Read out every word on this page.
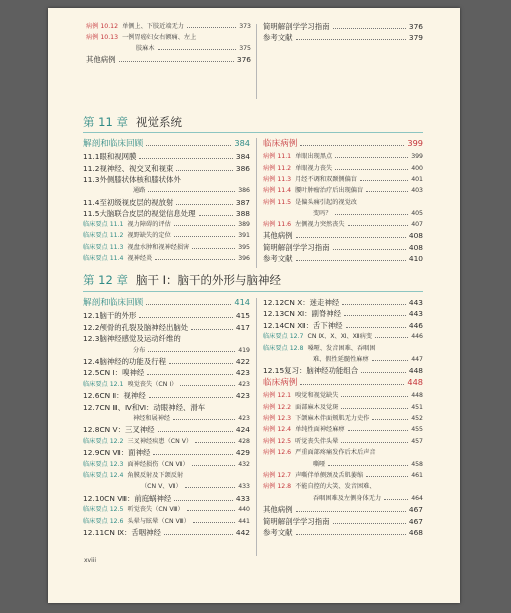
病例 10.12 单侧上、下肢近端无力	373
病例 10.13 一例胃癌妇女右额痛、左上
肢麻木	375
其他病例	376
简明解剖学学习指南	376
参考文献	379
第 11 章 视觉系统
解剖和临床回顾	384
11.1 眼和视网膜	384
11.2 视神经、视交叉和视束	386
11.3 外侧膝状体核和膝状体外
通路	386
11.4 至初级视皮层的视放射	387
11.5 大脑联合皮层的视觉信息处理	388
临床要点 11.1 视力障碍的评估	389
临床要点 11.2 视野缺失的定位	391
临床要点 11.3 视盘水肿和视神经损害	395
临床要点 11.4 视神经炎	396
临床病例	399
病例 11.1 单眼出现黑点	399
病例 11.2 单眼视力丧失	400
病例 11.3 月经不调和双颞侧偏盲	401
病例 11.4 腰叶肿瘤治疗后出现偏盲	403
病例 11.5 是偏头痛引起的视觉改
变吗？	405
病例 11.6 左侧视力突然丧失	407
其他病例	408
简明解剖学学习指南	408
参考文献	410
第 12 章 脑干 I：脑干的外形与脑神经
解剖和临床回顾	414
12.1 脑干的外形	415
12.2 颅骨的孔裂及脑神经出脑处	417
12.3 脑神经感觉及运动纤维的
分布	419
12.4 脑神经的功能及行程	422
12.5 CN Ⅰ：嗅神经	423
临床要点 12.1 嗅觉丧失（CN Ⅰ）	423
12.6 CN Ⅱ：视神经	423
12.7 CN Ⅲ、Ⅳ和Ⅵ：动眼神经、滑车
神经和展神经	423
12.8 CN Ⅴ：三叉神经	424
临床要点 12.2 三叉神经疾患（CN Ⅴ）	428
12.9 CN Ⅶ：面神经	429
临床要点 12.3 面神经损伤（CN Ⅶ）	432
临床要点 12.4 角膜反射及下颌反射
（CN Ⅴ、Ⅶ）	433
12.10 CN Ⅷ：前庭蜗神经	433
临床要点 12.5 听觉丧失（CN Ⅷ）	440
临床要点 12.6 头晕与眩晕（CN Ⅷ）	441
12.11 CN Ⅸ：舌咽神经	442
12.12 CN Ⅹ：迷走神经	443
12.13 CN Ⅺ：副脊神经	443
12.14 CN Ⅻ：舌下神经	446
临床要点 12.7 CN Ⅸ、Ⅹ、Ⅺ、Ⅻ病变	446
临床要点 12.8 嗓哑、发音困难、吞咽困
难、假性延髓性麻痹	447
12.15 复习：脑神经功能组合	448
临床病例	448
病例 12.1 嗅觉和视觉缺失	448
病例 12.2 面部麻木及觉斑	451
病例 12.3 下颌麻木伴面颊肌无力史作	452
病例 12.4 单纯性面神经麻痹	455
病例 12.5 听觉丧失伴头晕	457
病例 12.6 严重面部疼痛发作后术后声音
嘶哑	458
病例 12.7 声嘶伴单侧颈及舌肌萎缩	461
病例 12.8 不能自控的大笑、发音困难、
吞咽困难及左侧身体无力	464
其他病例	467
简明解剖学学习指南	467
参考文献	468
xviii
